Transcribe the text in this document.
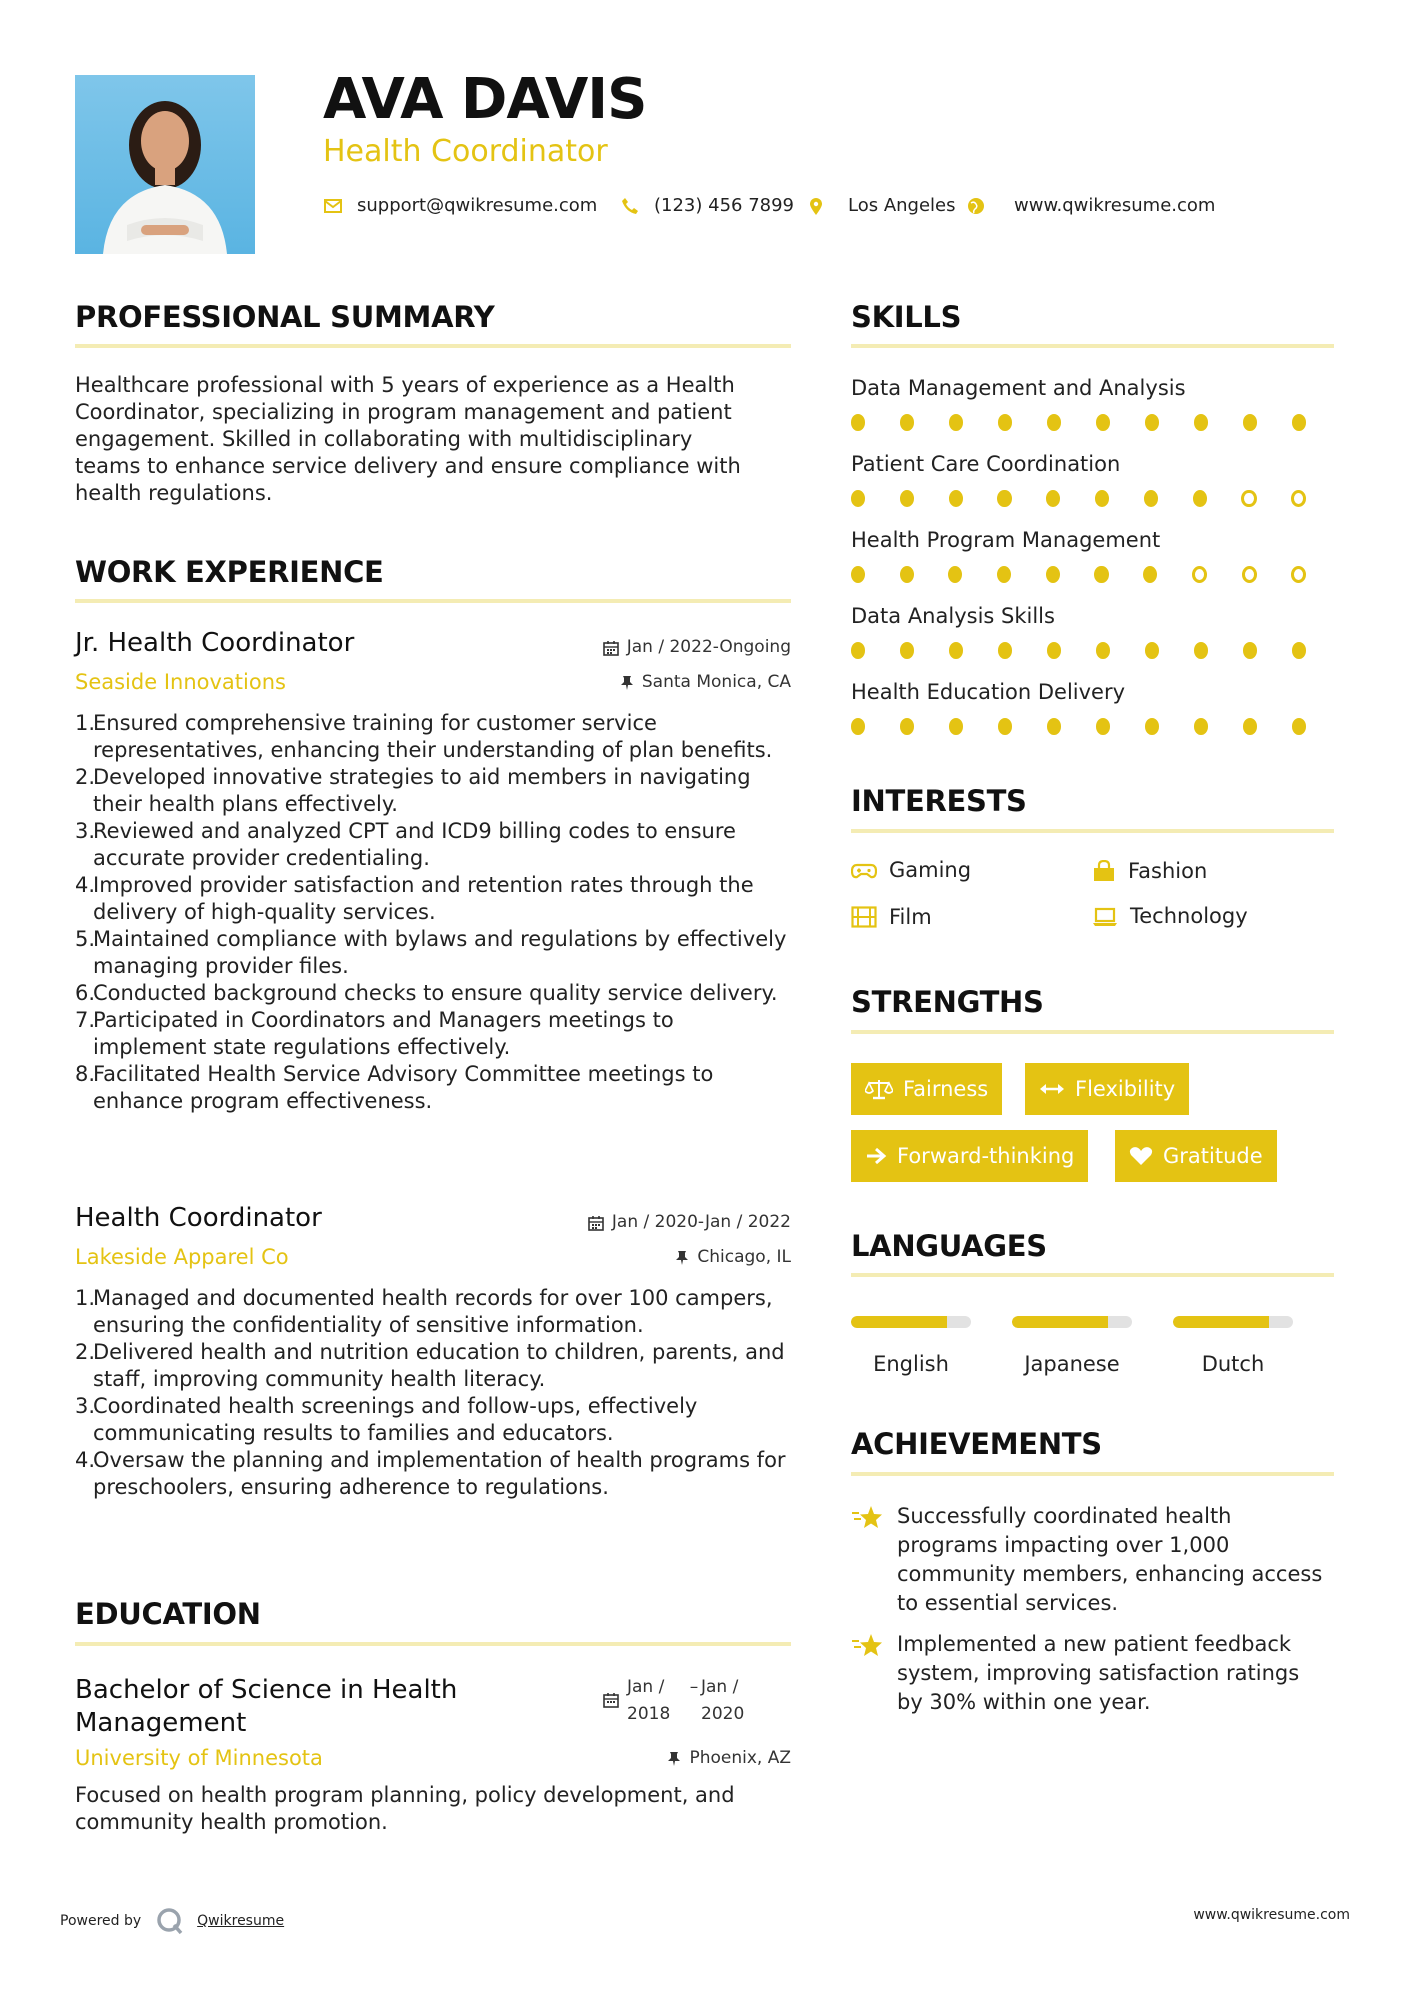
AVA DAVIS
Health Coordinator
support@qwikresume.com	(123) 456 7899	Los Angeles	www.qwikresume.com
PROFESSIONAL SUMMARY
Healthcare professional with 5 years of experience as a Health
Coordinator, specializing in program management and patient
engagement. Skilled in collaborating with multidisciplinary
teams to enhance service delivery and ensure compliance with
health regulations.
WORK EXPERIENCE
Jr. Health Coordinator	Jan / 2022-Ongoing
Seaside Innovations	Santa Monica, CA
Ensured comprehensive training for customer service representatives, enhancing their understanding of plan benefits.
Developed innovative strategies to aid members in navigating their health plans effectively.
Reviewed and analyzed CPT and ICD9 billing codes to ensure accurate provider credentialing.
Improved provider satisfaction and retention rates through the delivery of high-quality services.
Maintained compliance with bylaws and regulations by effectively managing provider files.
Conducted background checks to ensure quality service delivery.
Participated in Coordinators and Managers meetings to implement state regulations effectively.
Facilitated Health Service Advisory Committee meetings to enhance program effectiveness.
Health Coordinator	Jan / 2020-Jan / 2022
Lakeside Apparel Co	Chicago, IL
Managed and documented health records for over 100 campers, ensuring the confidentiality of sensitive information.
Delivered health and nutrition education to children, parents, and staff, improving community health literacy.
Coordinated health screenings and follow-ups, effectively communicating results to families and educators.
Oversaw the planning and implementation of health programs for preschoolers, ensuring adherence to regulations.
EDUCATION
Bachelor of Science in Health Management
Jan / 2018
– Jan / 2020
University of Minnesota	Phoenix, AZ
Focused on health program planning, policy development, and community health promotion.
SKILLS
Data Management and Analysis
Patient Care Coordination
Health Program Management
Data Analysis Skills
Health Education Delivery
INTERESTS
Gaming	Fashion
Film	Technology
STRENGTHS
Fairness	Flexibility
Forward-thinking	Gratitude
LANGUAGES
English	Japanese	Dutch
ACHIEVEMENTS
Successfully coordinated health programs impacting over 1,000 community members, enhancing access to essential services.
Implemented a new patient feedback system, improving satisfaction ratings by 30% within one year.
Powered by	Qwikresume	www.qwikresume.com
